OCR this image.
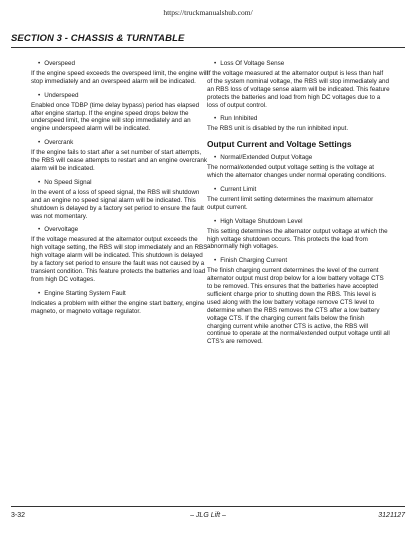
https://truckmanualshub.com/
SECTION 3 - CHASSIS & TURNTABLE
• Overspeed
If the engine speed exceeds the overspeed limit, the engine will stop immediately and an overspeed alarm will be indicated.
• Underspeed
Enabled once TDBP (time delay bypass) period has elapsed after engine startup. If the engine speed drops below the underspeed limit, the engine will stop immediately and an engine underspeed alarm will be indicated.
• Overcrank
If the engine fails to start after a set number of start attempts, the RBS will cease attempts to restart and an engine overcrank alarm will be indicated.
• No Speed Signal
In the event of a loss of speed signal, the RBS will shutdown and an engine no speed signal alarm will be indicated. This shutdown is delayed by a factory set period to ensure the fault was not momentary.
• Overvoltage
If the voltage measured at the alternator output exceeds the high voltage setting, the RBS will stop immediately and an RBS high voltage alarm will be indicated. This shutdown is delayed by a factory set period to ensure the fault was not caused by a transient condition. This feature protects the batteries and load from high DC voltages.
• Engine Starting System Fault
Indicates a problem with either the engine start battery, engine magneto, or magneto voltage regulator.
• Loss Of Voltage Sense
If the voltage measured at the alternator output is less than half of the system nominal voltage, the RBS will stop immediately and an RBS loss of voltage sense alarm will be indicated. This feature protects the batteries and load from high DC voltages due to a loss of output control.
• Run Inhibited
The RBS unit is disabled by the run inhibited input.
Output Current and Voltage Settings
• Normal/Extended Output Voltage
The normal/extended output voltage setting is the voltage at which the alternator changes under normal operating conditions.
• Current Limit
The current limit setting determines the maximum alternator output current.
• High Voltage Shutdown Level
This setting determines the alternator output voltage at which the high voltage shutdown occurs. This protects the load from abnormally high voltages.
• Finish Charging Current
The finish charging current determines the level of the current alternator output must drop below for a low battery voltage CTS to be removed. This ensures that the batteries have accepted sufficient charge prior to shutting down the RBS. This level is used along with the low battery voltage remove CTS level to determine when the RBS removes the CTS after a low battery voltage CTS. If the charging current falls below the finish charging current while another CTS is active, the RBS will continue to operate at the normal/extended output voltage until all CTS's are removed.
3-32	– JLG Lift –	3121127
